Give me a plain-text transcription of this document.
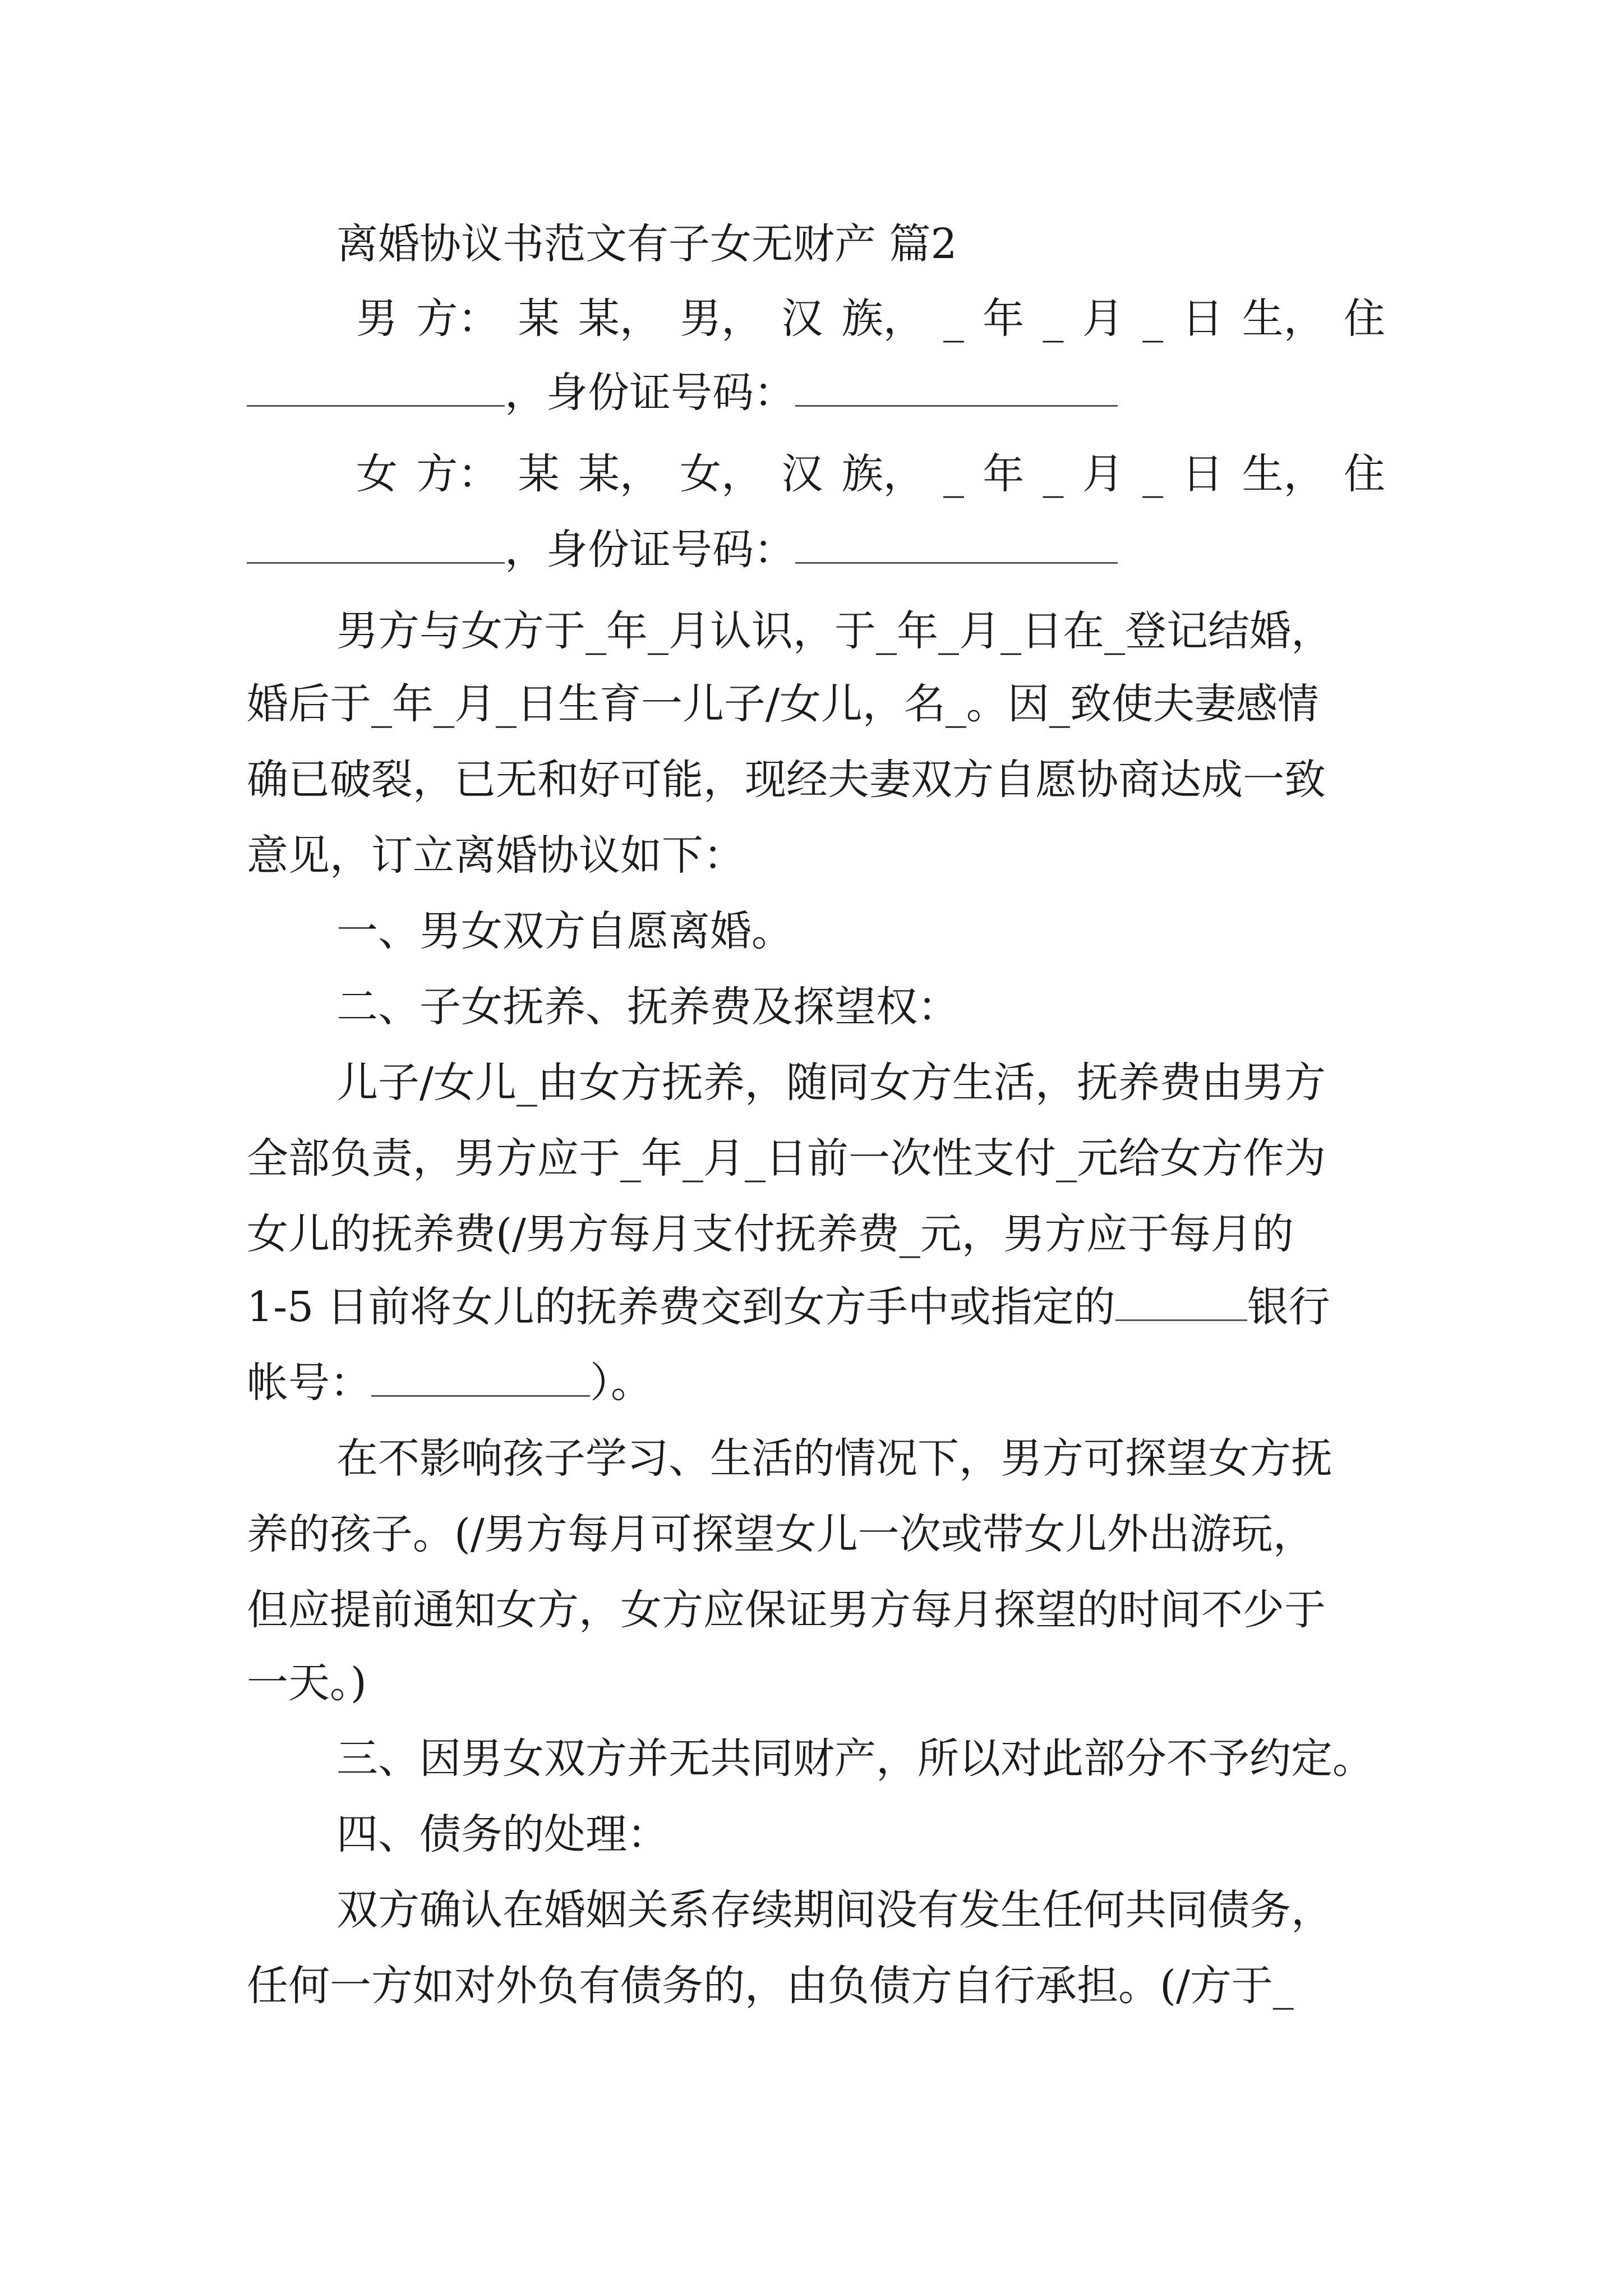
离婚协议书范文有子女无财产 篇2
男 方： 某 某， 男， 汉 族， _ 年 _ 月 _ 日 生， 住
，身份证号码：
女 方： 某 某， 女， 汉 族， _ 年 _ 月 _ 日 生， 住
，身份证号码：
男方与女方于_年_月认识，于_年_月_日在_登记结婚，
婚后于_年_月_日生育一儿子/女儿，名_。因_致使夫妻感情
确已破裂，已无和好可能，现经夫妻双方自愿协商达成一致
意见，订立离婚协议如下：
一、男女双方自愿离婚。
二、子女抚养、抚养费及探望权：
儿子/女儿_由女方抚养，随同女方生活，抚养费由男方
全部负责，男方应于_年_月_日前一次性支付_元给女方作为
女儿的抚养费(/男方每月支付抚养费_元，男方应于每月的
1-5 日前将女儿的抚养费交到女方手中或指定的	银行
帐号：	）。
在不影响孩子学习、生活的情况下，男方可探望女方抚
养的孩子。(/男方每月可探望女儿一次或带女儿外出游玩，
但应提前通知女方，女方应保证男方每月探望的时间不少于
一天。)
三、因男女双方并无共同财产，所以对此部分不予约定。
四、债务的处理：
双方确认在婚姻关系存续期间没有发生任何共同债务，
任何一方如对外负有债务的，由负债方自行承担。(/方于_
